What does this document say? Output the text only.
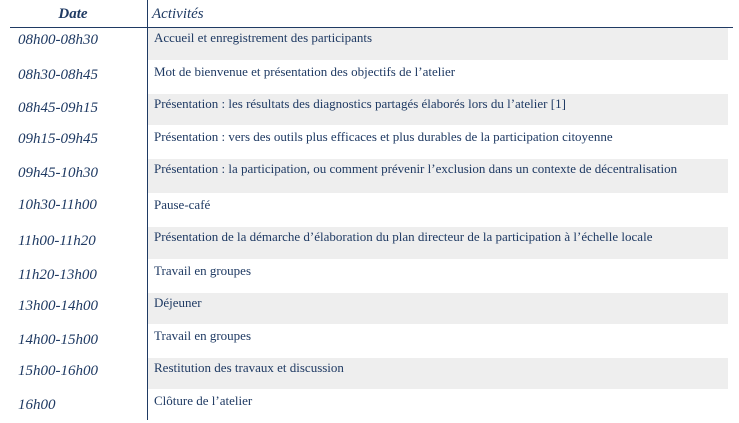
Date	Activités
08h00-08h30	Accueil et enregistrement des participants
08h30-08h45	Mot de bienvenue et présentation des objectifs de l’atelier
08h45-09h15	Présentation : les résultats des diagnostics partagés élaborés lors du l’atelier [1]
09h15-09h45	Présentation : vers des outils plus efficaces et plus durables de la participation citoyenne
09h45-10h30	Présentation : la participation, ou comment prévenir l’exclusion dans un contexte de décentralisation
10h30-11h00	Pause-café
11h00-11h20	Présentation de la démarche d’élaboration du plan directeur de la participation à l’échelle locale
11h20-13h00	Travail en groupes
13h00-14h00	Déjeuner
14h00-15h00	Travail en groupes
15h00-16h00	Restitution des travaux et discussion
16h00	Clôture de l’atelier
